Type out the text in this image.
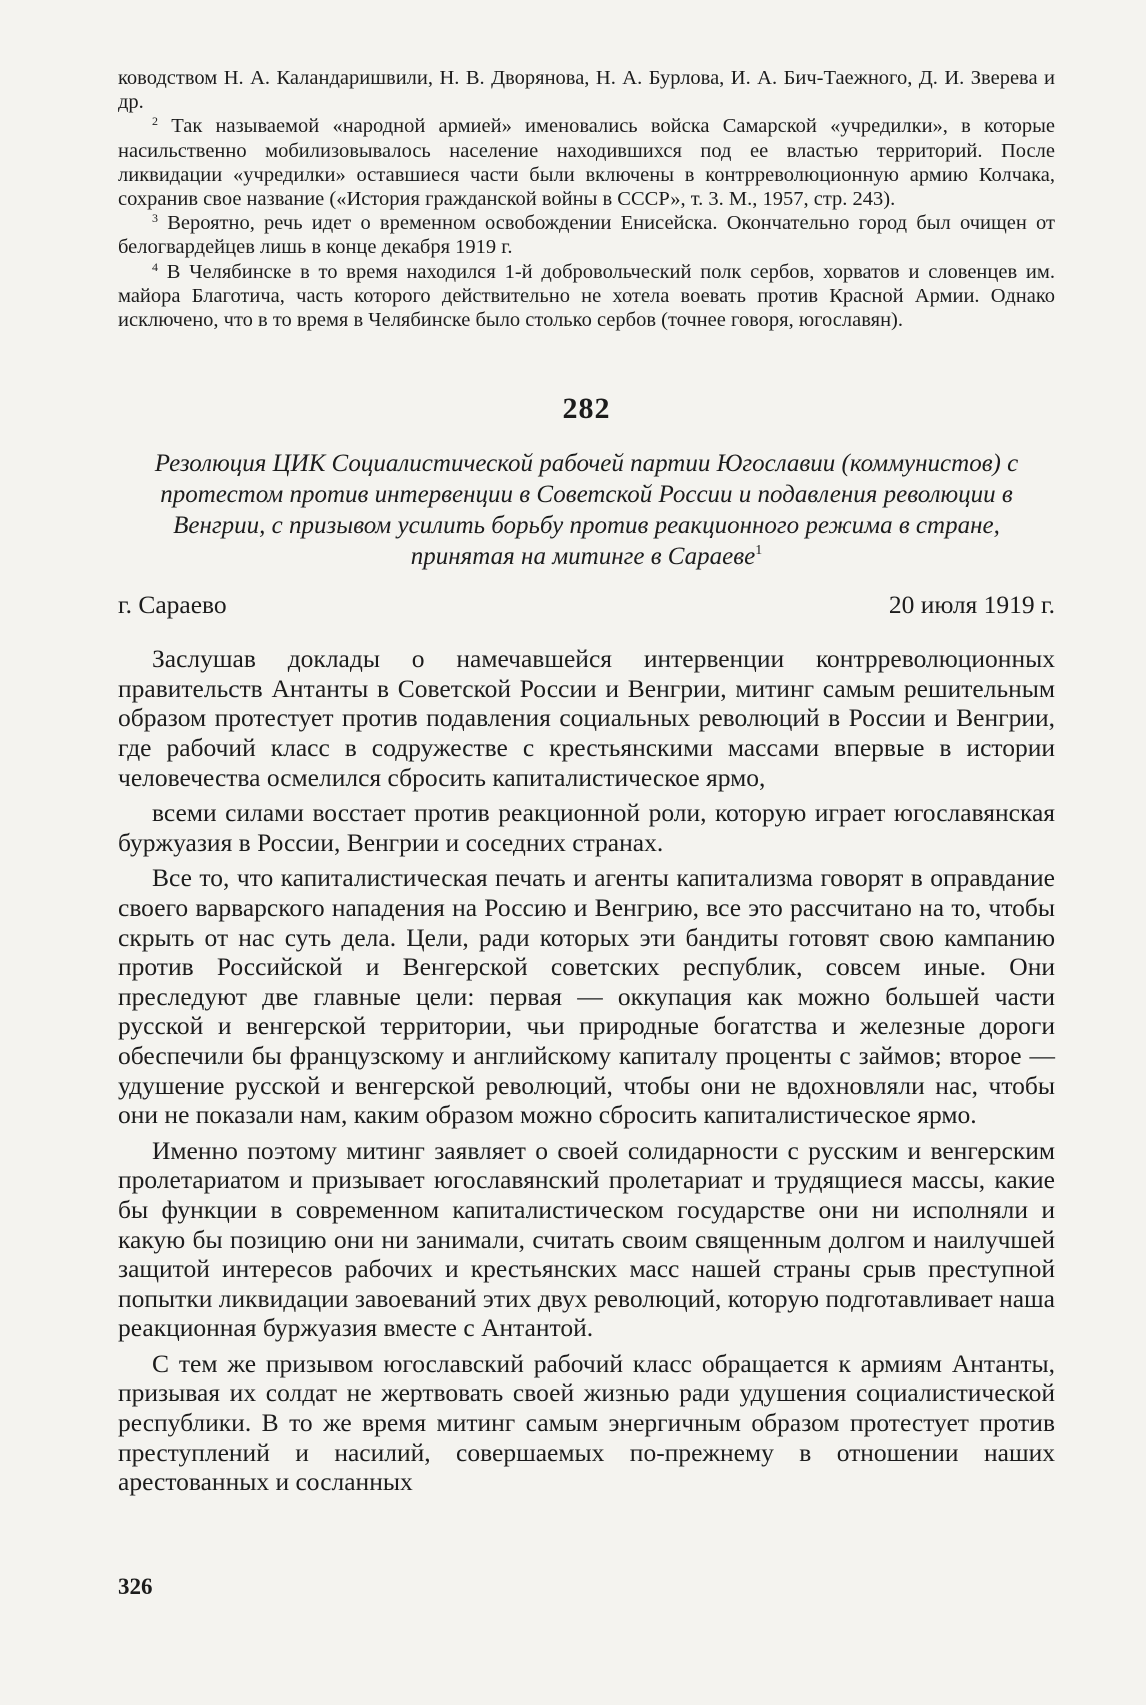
ководством Н. А. Каландаришвили, Н. В. Дворянова, Н. А. Бурлова, И. А. Бич-Таежного, Д. И. Зверева и др.

$^2$ Так называемой «народной армией» именовались войска Самарской «учредилки», в которые насильственно мобилизовывалось население находившихся под ее властью территорий. После ликвидации «учредилки» оставшиеся части были включены в контрреволюционную армию Колчака, сохранив свое название («История гражданской войны в СССР», т. 3. М., 1957, стр. 243).

$^3$ Вероятно, речь идет о временном освобождении Енисейска. Окончательно город был очищен от белогвардейцев лишь в конце декабря 1919 г.

$^4$ В Челябинске в то время находился 1-й добровольческий полк сербов, хорватов и словенцев им. майора Благотича, часть которого действительно не хотела воевать против Красной Армии. Однако исключено, что в то время в Челябинске было столько сербов (точнее говоря, югославян).

282
Резолюция ЦИК Социалистической рабочей партии Югославии (коммунистов) с протестом против интервенции в Советской России и подавления революции в Венгрии, с призывом усилить борьбу против реакционного режима в стране, принятая на митинге в Сараеве$^1$
г. Сараево	20 июля 1919 г.

Заслушав доклады о намечавшейся интервенции контрреволюционных правительств Антанты в Советской России и Венгрии, митинг самым решительным образом протестует против подавления социальных революций в России и Венгрии, где рабочий класс в содружестве с крестьянскими массами впервые в истории человечества осмелился сбросить капиталистическое ярмо,

всеми силами восстает против реакционной роли, которую играет югославянская буржуазия в России, Венгрии и соседних странах.

Все то, что капиталистическая печать и агенты капитализма говорят в оправдание своего варварского нападения на Россию и Венгрию, все это рассчитано на то, чтобы скрыть от нас суть дела. Цели, ради которых эти бандиты готовят свою кампанию против Российской и Венгерской советских республик, совсем иные. Они преследуют две главные цели: первая — оккупация как можно большей части русской и венгерской территории, чьи природные богатства и железные дороги обеспечили бы французскому и английскому капиталу проценты с займов; второе — удушение русской и венгерской революций, чтобы они не вдохновляли нас, чтобы они не показали нам, каким образом можно сбросить капиталистическое ярмо.

Именно поэтому митинг заявляет о своей солидарности с русским и венгерским пролетариатом и призывает югославянский пролетариат и трудящиеся массы, какие бы функции в современном капиталистическом государстве они ни исполняли и какую бы позицию они ни занимали, считать своим священным долгом и наилучшей защитой интересов рабочих и крестьянских масс нашей страны срыв преступной попытки ликвидации завоеваний этих двух революций, которую подготавливает наша реакционная буржуазия вместе с Антантой.

С тем же призывом югославский рабочий класс обращается к армиям Антанты, призывая их солдат не жертвовать своей жизнью ради удушения социалистической республики. В то же время митинг самым энергичным образом протестует против преступлений и насилий, совершаемых по-прежнему в отношении наших арестованных и сосланных

326
